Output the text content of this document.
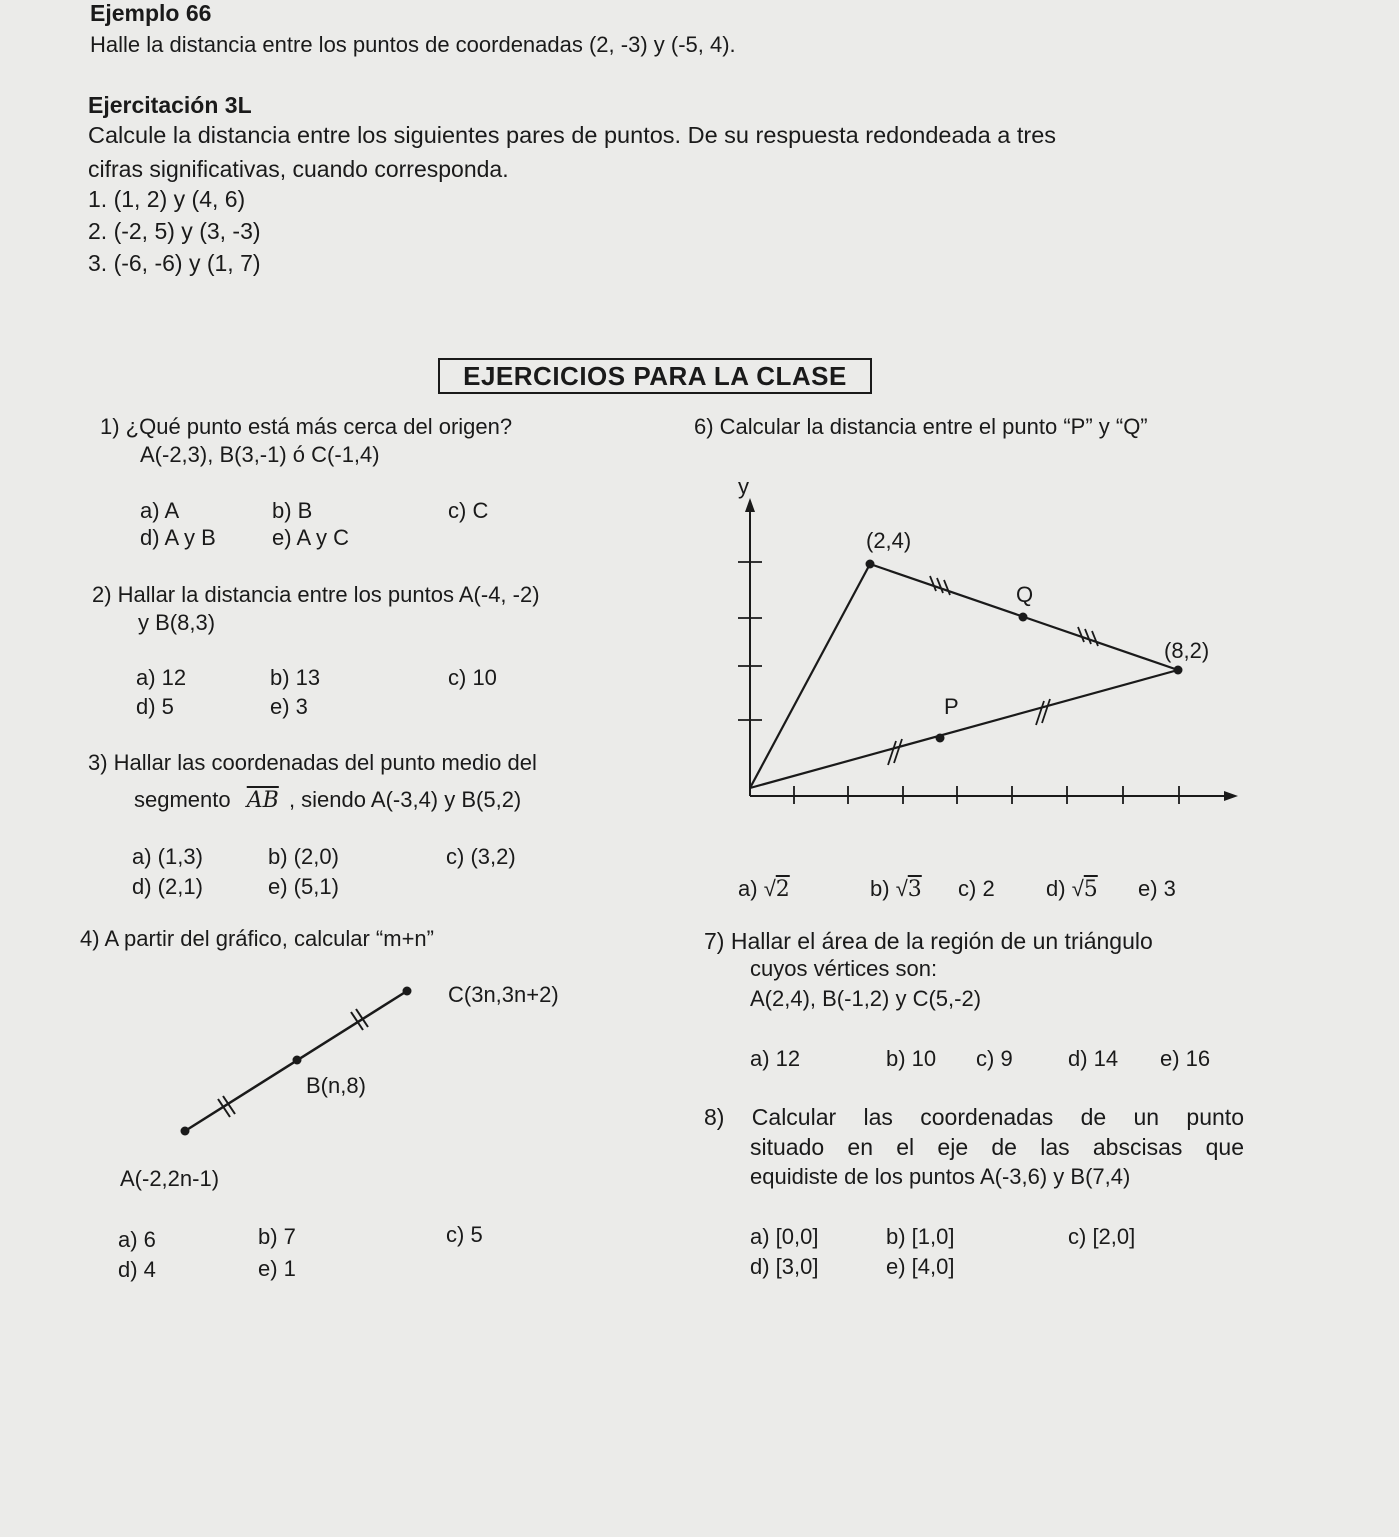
Ejemplo 66
Halle la distancia entre los puntos de coordenadas (2, -3) y (-5, 4).
Ejercitación 3L
Calcule la distancia entre los siguientes pares de puntos. De su respuesta redondeada a tres
cifras significativas, cuando corresponda.
1. (1, 2) y (4, 6)
2. (-2, 5) y (3, -3)
3. (-6, -6) y (1, 7)
EJERCICIOS PARA LA CLASE
1) ¿Qué punto está más cerca del origen?
A(-2,3), B(3,-1) ó C(-1,4)
a) A	b) B	c) C
d) A y B	e) A y C
2) Hallar la distancia entre los puntos A(-4, -2)
y B(8,3)
a) 12	b) 13	c) 10
d) 5	e) 3
3) Hallar las coordenadas del punto medio del
segmento $\overline{AB}$ , siendo A(-3,4) y B(5,2)
a) (1,3)	b) (2,0)	c) (3,2)
d) (2,1)	e) (5,1)
4) A partir del gráfico, calcular “m+n”
C(3n,3n+2)
B(n,8)
A(-2,2n-1)
a) 6	b) 7	c) 5
d) 4	e) 1
6) Calcular la distancia entre el punto “P” y “Q”
y
(2,4)
Q
(8,2)
P
a) √2	b) √3 c) 2 d) √5 e) 3
7) Hallar el área de la región de un triángulo
cuyos vértices son:
A(2,4), B(-1,2) y C(5,-2)
a) 12	b) 10 c) 9	d) 14 e) 16
8) Calcular las coordenadas de un punto
situado en el eje de las abscisas que
equidiste de los puntos A(-3,6) y B(7,4)
a) [0,0]	b) [1,0]	c) [2,0]
d) [3,0]	e) [4,0]
